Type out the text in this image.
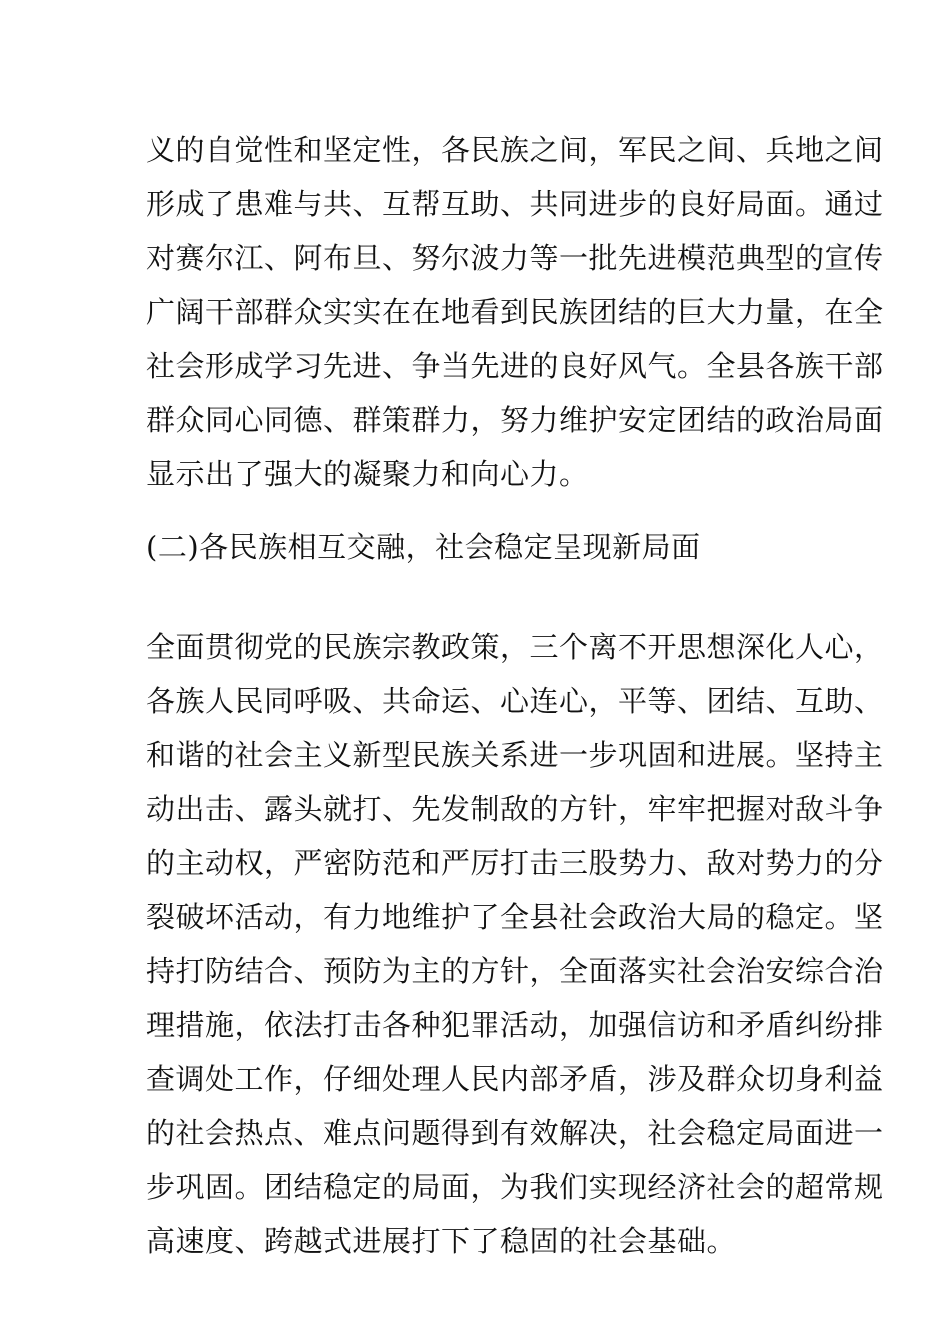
义的自觉性和坚定性，各民族之间，军民之间、兵地之间
形成了患难与共、互帮互助、共同进步的良好局面。通过
对赛尔江、阿布旦、努尔波力等一批先进模范典型的宣传
广阔干部群众实实在在地看到民族团结的巨大力量，在全
社会形成学习先进、争当先进的良好风气。全县各族干部
群众同心同德、群策群力，努力维护安定团结的政治局面
显示出了强大的凝聚力和向心力。
(二)各民族相互交融，社会稳定呈现新局面
全面贯彻党的民族宗教政策，三个离不开思想深化人心，
各族人民同呼吸、共命运、心连心，平等、团结、互助、
和谐的社会主义新型民族关系进一步巩固和进展。坚持主
动出击、露头就打、先发制敌的方针，牢牢把握对敌斗争
的主动权，严密防范和严厉打击三股势力、敌对势力的分
裂破坏活动，有力地维护了全县社会政治大局的稳定。坚
持打防结合、预防为主的方针，全面落实社会治安综合治
理措施，依法打击各种犯罪活动，加强信访和矛盾纠纷排
查调处工作，仔细处理人民内部矛盾，涉及群众切身利益
的社会热点、难点问题得到有效解决，社会稳定局面进一
步巩固。团结稳定的局面，为我们实现经济社会的超常规
高速度、跨越式进展打下了稳固的社会基础。
